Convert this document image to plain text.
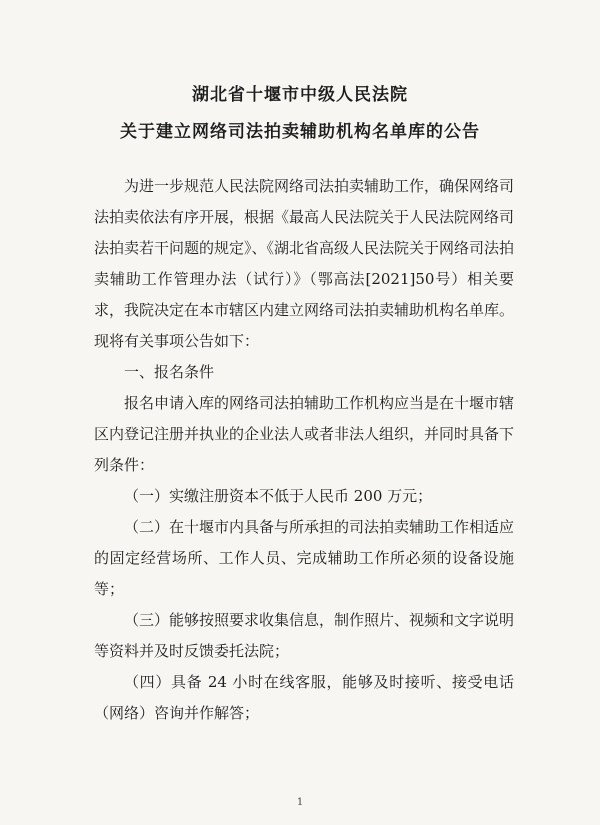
湖北省十堰市中级人民法院
关于建立网络司法拍卖辅助机构名单库的公告

为进一步规范人民法院网络司法拍卖辅助工作，确保网络司法拍卖依法有序开展，根据《最高人民法院关于人民法院网络司法拍卖若干问题的规定》、《湖北省高级人民法院关于网络司法拍卖辅助工作管理办法（试行）》（鄂高法[2021]50号）相关要求，我院决定在本市辖区内建立网络司法拍卖辅助机构名单库。现将有关事项公告如下：

一、报名条件

报名申请入库的网络司法拍辅助工作机构应当是在十堰市辖区内登记注册并执业的企业法人或者非法人组织，并同时具备下列条件：

（一）实缴注册资本不低于人民币 200 万元；

（二）在十堰市内具备与所承担的司法拍卖辅助工作相适应的固定经营场所、工作人员、完成辅助工作所必须的设备设施等；

（三）能够按照要求收集信息，制作照片、视频和文字说明等资料并及时反馈委托法院；

（四）具备 24 小时在线客服，能够及时接听、接受电话（网络）咨询并作解答；

1
